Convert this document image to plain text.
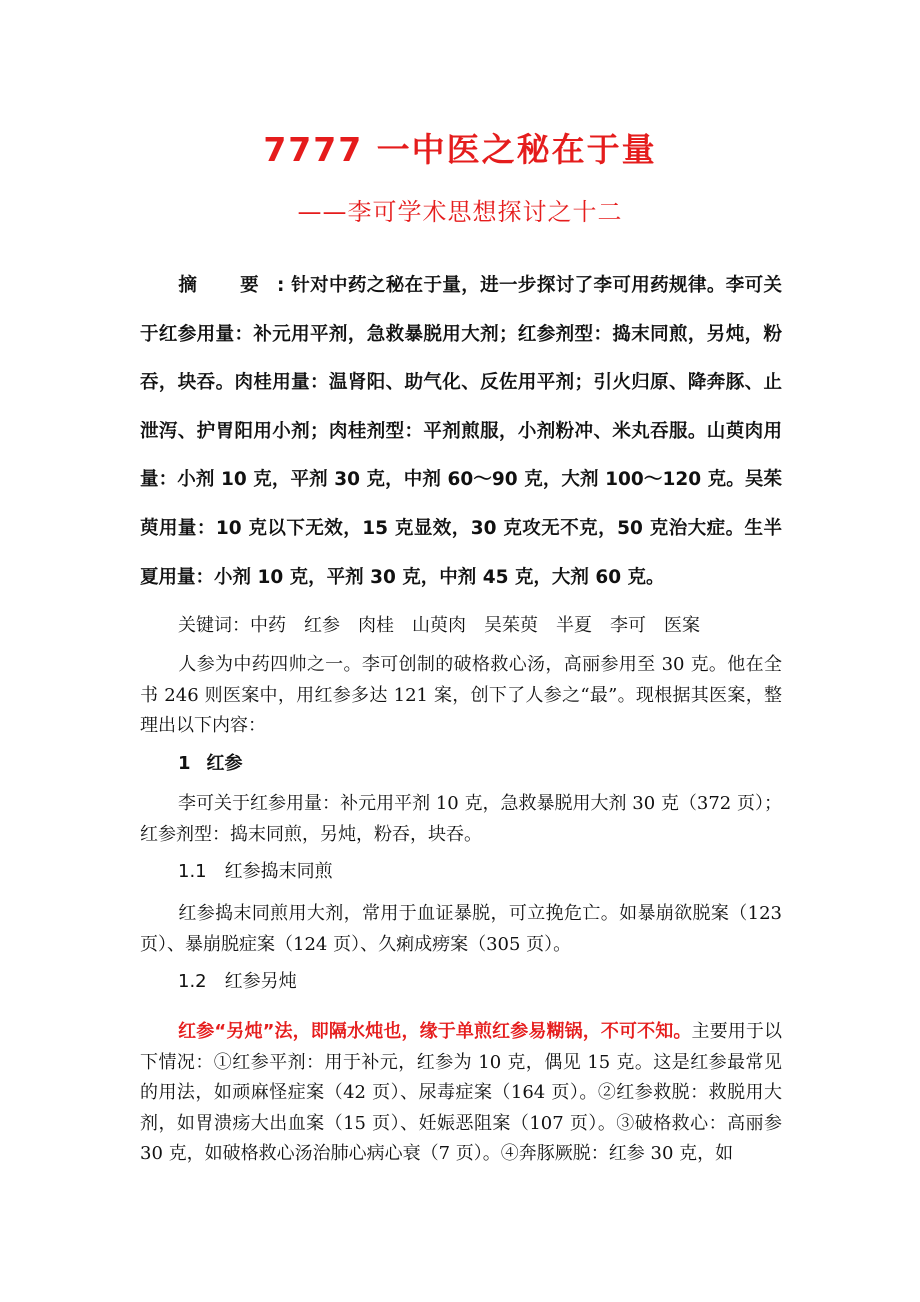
7777 一中医之秘在于量
——李可学术思想探讨之十二
摘 要: 针对中药之秘在于量，进一步探讨了李可用药规律。李可关于红参用量：补元用平剂，急救暴脱用大剂；红参剂型：捣末同煎，另炖，粉吞，块吞。肉桂用量：温肾阳、助气化、反佐用平剂；引火归原、降奔豚、止泄泻、护胃阳用小剂；肉桂剂型：平剂煎服，小剂粉冲、米丸吞服。山萸肉用量：小剂 10 克，平剂 30 克，中剂 60～90 克，大剂 100～120 克。吴茱萸用量：10 克以下无效，15 克显效，30 克攻无不克，50 克治大症。生半夏用量：小剂 10 克，平剂 30 克，中剂 45 克，大剂 60 克。
关键词：中药 红参 肉桂 山萸肉 吴茱萸 半夏 李可 医案
人参为中药四帅之一。李可创制的破格救心汤，高丽参用至 30 克。他在全书 246 则医案中，用红参多达 121 案，创下了人参之“最”。现根据其医案，整理出以下内容：
1 红参
李可关于红参用量：补元用平剂 10 克，急救暴脱用大剂 30 克（372 页）；红参剂型：捣末同煎，另炖，粉吞，块吞。
1.1 红参捣末同煎
红参捣末同煎用大剂，常用于血证暴脱，可立挽危亡。如暴崩欲脱案（123 页）、暴崩脱症案（124 页）、久痢成痨案（305 页）。
1.2 红参另炖
红参“另炖”法，即隔水炖也，缘于单煎红参易糊锅，不可不知。主要用于以下情况：①红参平剂：用于补元，红参为 10 克，偶见 15 克。这是红参最常见的用法，如顽麻怪症案（42 页）、尿毒症案（164 页）。②红参救脱：救脱用大剂，如胃溃疡大出血案（15 页）、妊娠恶阻案（107 页）。③破格救心：高丽参 30 克，如破格救心汤治肺心病心衰（7 页）。④奔豚厥脱：红参 30 克，如
